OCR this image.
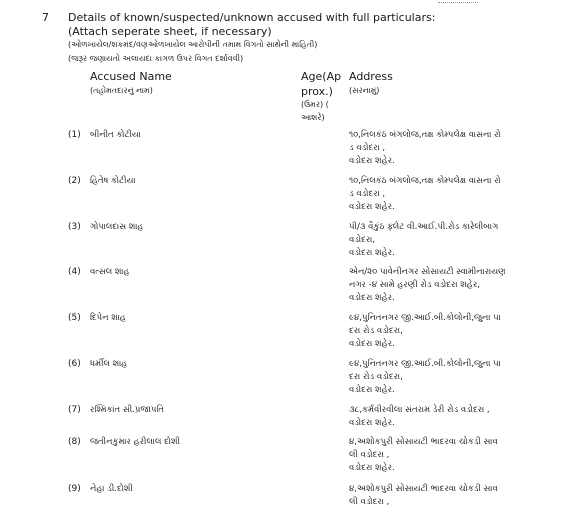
7 Details of known/suspected/unknown accused with full particulars:
(Attach seperate sheet, if necessary)
(ઓળખાયેલ/શકમંદ/વણઓળખાયેલ આરોપીની તમામ વિગતો સાથેની માહિતી)
(જરૂર જણાયતો અલાયદા કાગળ ઉપર વિગત દર્શાવવી)
Accused Name
(તહોમતદારનું નામ)
Age(Ap
prox.)
(ઉંમર) (
આશરે)
Address
(સરનામું)
(1) બીનીત કોટીયા	૧૦,નિલકંઠ બંગલોજ,તક્ષ કોમ્પલેક્ષ વાસના રો
ડ વડોદરા ,
વડોદરા શહેર.
(2) હિતેષ કોટીયા	૧૦,નિલકંઠ બંગલોજ,તક્ષ કોમ્પલેક્ષ વાસના રો
ડ વડોદરા ,
વડોદરા શહેર.
(3) ગોપાલદાસ શાહ	પી/૩ વૈકુંઠ ફ્લેટ વી.આઈ.પી.રોડ કારેલીબાગ
વડોદરા,
વડોદરા શહેર.
(4) વત્સલ શાહ	એન/૨૦ પાવેનીનગર સોસાયટી સ્વામીનારાયણ
નગર -૪ સામે હરણી રોડ વડોદરા શહેર,
વડોદરા શહેર.
(5) દિપેન શાહ	૯૪,પુનિતનગર જી.આઈ.બી.કોલોની,જુના પા
દરા રોડ વડોદરા,
વડોદરા શહેર.
(6) ધર્મીલ શાહ	૯૪,પુનિતનગર જી.આઈ.બી.કોલોની,જુના પા
દરા રોડ વડોદરા,
વડોદરા શહેર.
(7) રશ્મિકાંત સી.પ્રજાપતિ	૩૮,કર્મવીરવીલા સંતરામ ડેરી રોડ વડોદરા ,
વડોદરા શહેર.
(8) જતીનકુમાર હરીલાલ દોશી	૪,અશોકપુરી સોસાયટી ભાદરવા ચોકડી સાવ
લી વડોદરા ,
વડોદરા શહેર.
(9) નેહા ડી.દોશી	૪,અશોકપુરી સોસાયટી ભાદરવા ચોકડી સાવ
લી વડોદરા ,
